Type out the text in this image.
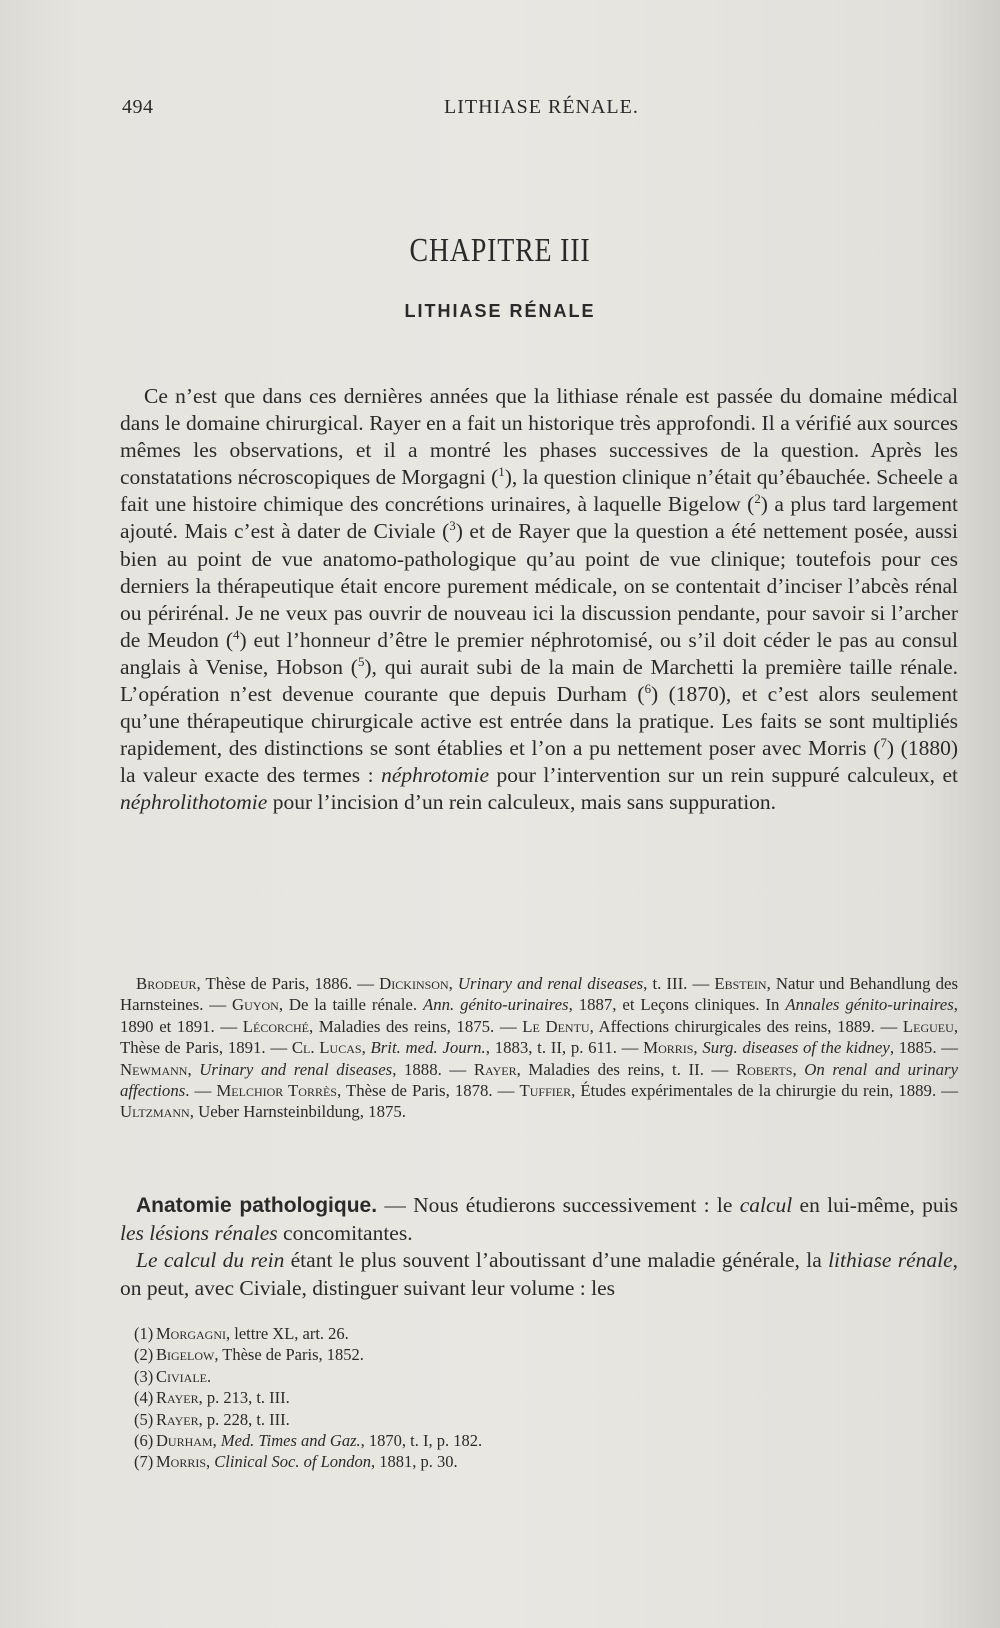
494	LITHIASE RÉNALE.
CHAPITRE III
LITHIASE RÉNALE

Ce n’est que dans ces dernières années que la lithiase rénale est passée du domaine médical dans le domaine chirurgical. Rayer en a fait un historique très approfondi. Il a vérifié aux sources mêmes les observations, et il a montré les phases successives de la question. Après les constatations nécroscopiques de Morgagni ($^1$), la question clinique n’était qu’ébauchée. Scheele a fait une histoire chimique des concrétions urinaires, à laquelle Bigelow ($^2$) a plus tard largement ajouté. Mais c’est à dater de Civiale ($^3$) et de Rayer que la question a été nettement posée, aussi bien au point de vue anatomo-pathologique qu’au point de vue clinique; toutefois pour ces derniers la thérapeutique était encore purement médicale, on se contentait d’inciser l’abcès rénal ou périrénal. Je ne veux pas ouvrir de nouveau ici la discussion pendante, pour savoir si l’archer de Meudon ($^4$) eut l’honneur d’être le premier néphrotomisé, ou s’il doit céder le pas au consul anglais à Venise, Hobson ($^5$), qui aurait subi de la main de Marchetti la première taille rénale. L’opération n’est devenue courante que depuis Durham ($^6$) (1870), et c’est alors seulement qu’une thérapeutique chirurgicale active est entrée dans la pratique. Les faits se sont multipliés rapidement, des distinctions se sont établies et l’on a pu nettement poser avec Morris ($^7$) (1880) la valeur exacte des termes : néphrotomie pour l’intervention sur un rein suppuré calculeux, et néphrolithotomie pour l’incision d’un rein calculeux, mais sans suppuration.

Brodeur, Thèse de Paris, 1886. — Dickinson, Urinary and renal diseases, t. III. — Ebstein, Natur und Behandlung des Harnsteines. — Guyon, De la taille rénale. Ann. génito-urinaires, 1887, et Leçons cliniques. In Annales génito-urinaires, 1890 et 1891. — Lécorché, Maladies des reins, 1875. — Le Dentu, Affections chirurgicales des reins, 1889. — Legueu, Thèse de Paris, 1891. — Cl. Lucas, Brit. med. Journ., 1883, t. II, p. 611. — Morris, Surg. diseases of the kidney, 1885. — Newmann, Urinary and renal diseases, 1888. — Rayer, Maladies des reins, t. II. — Roberts, On renal and urinary affections. — Melchior Torrès, Thèse de Paris, 1878. — Tuffier, Études expérimentales de la chirurgie du rein, 1889. — Ultzmann, Ueber Harnsteinbildung, 1875.

Anatomie pathologique. — Nous étudierons successivement : le calcul en lui-même, puis les lésions rénales concomitantes.

Le calcul du rein étant le plus souvent l’aboutissant d’une maladie générale, la lithiase rénale, on peut, avec Civiale, distinguer suivant leur volume : les

(1) Morgagni, lettre XL, art. 26.
(2) Bigelow, Thèse de Paris, 1852.
(3) Civiale.
(4) Rayer, p. 213, t. III.
(5) Rayer, p. 228, t. III.
(6) Durham, Med. Times and Gaz., 1870, t. I, p. 182.
(7) Morris, Clinical Soc. of London, 1881, p. 30.
